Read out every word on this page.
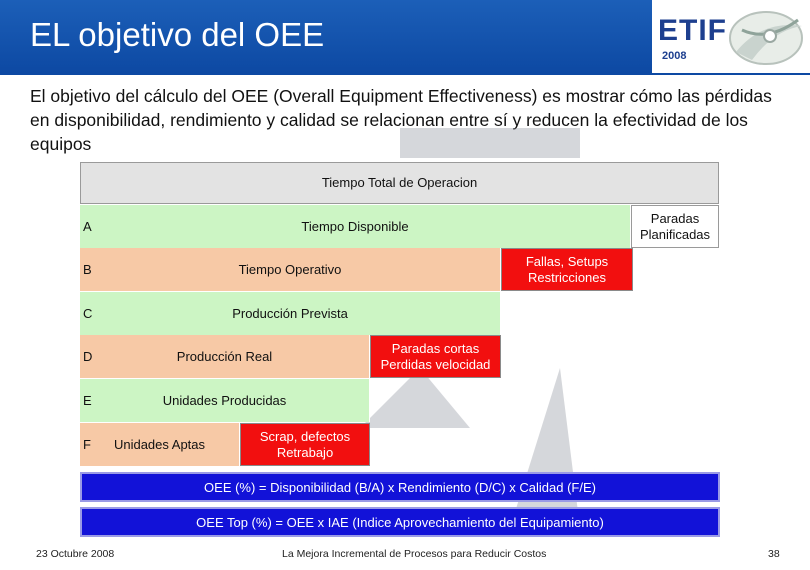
EL objetivo del OEE	ETIF
2008
El objetivo del cálculo del OEE (Overall Equipment Effectiveness) es mostrar cómo las pérdidas en disponibilidad, rendimiento y calidad se relacionan entre sí y reducen la efectividad de los equipos
Tiempo Total de Operacion
A	Tiempo Disponible
Paradas Planificadas
B	Tiempo Operativo
Fallas, Setups Restricciones
C	Producción Prevista
D	Producción Real
Paradas cortas Perdidas velocidad
E	Unidades Producidas
F Unidades Aptas
Scrap, defectos Retrabajo
OEE (%) = Disponibilidad (B/A) x Rendimiento (D/C) x Calidad (F/E)
OEE Top (%) = OEE x IAE (Indice Aprovechamiento del Equipamiento)
23 Octubre 2008	La Mejora Incremental de Procesos para Reducir Costos	38
